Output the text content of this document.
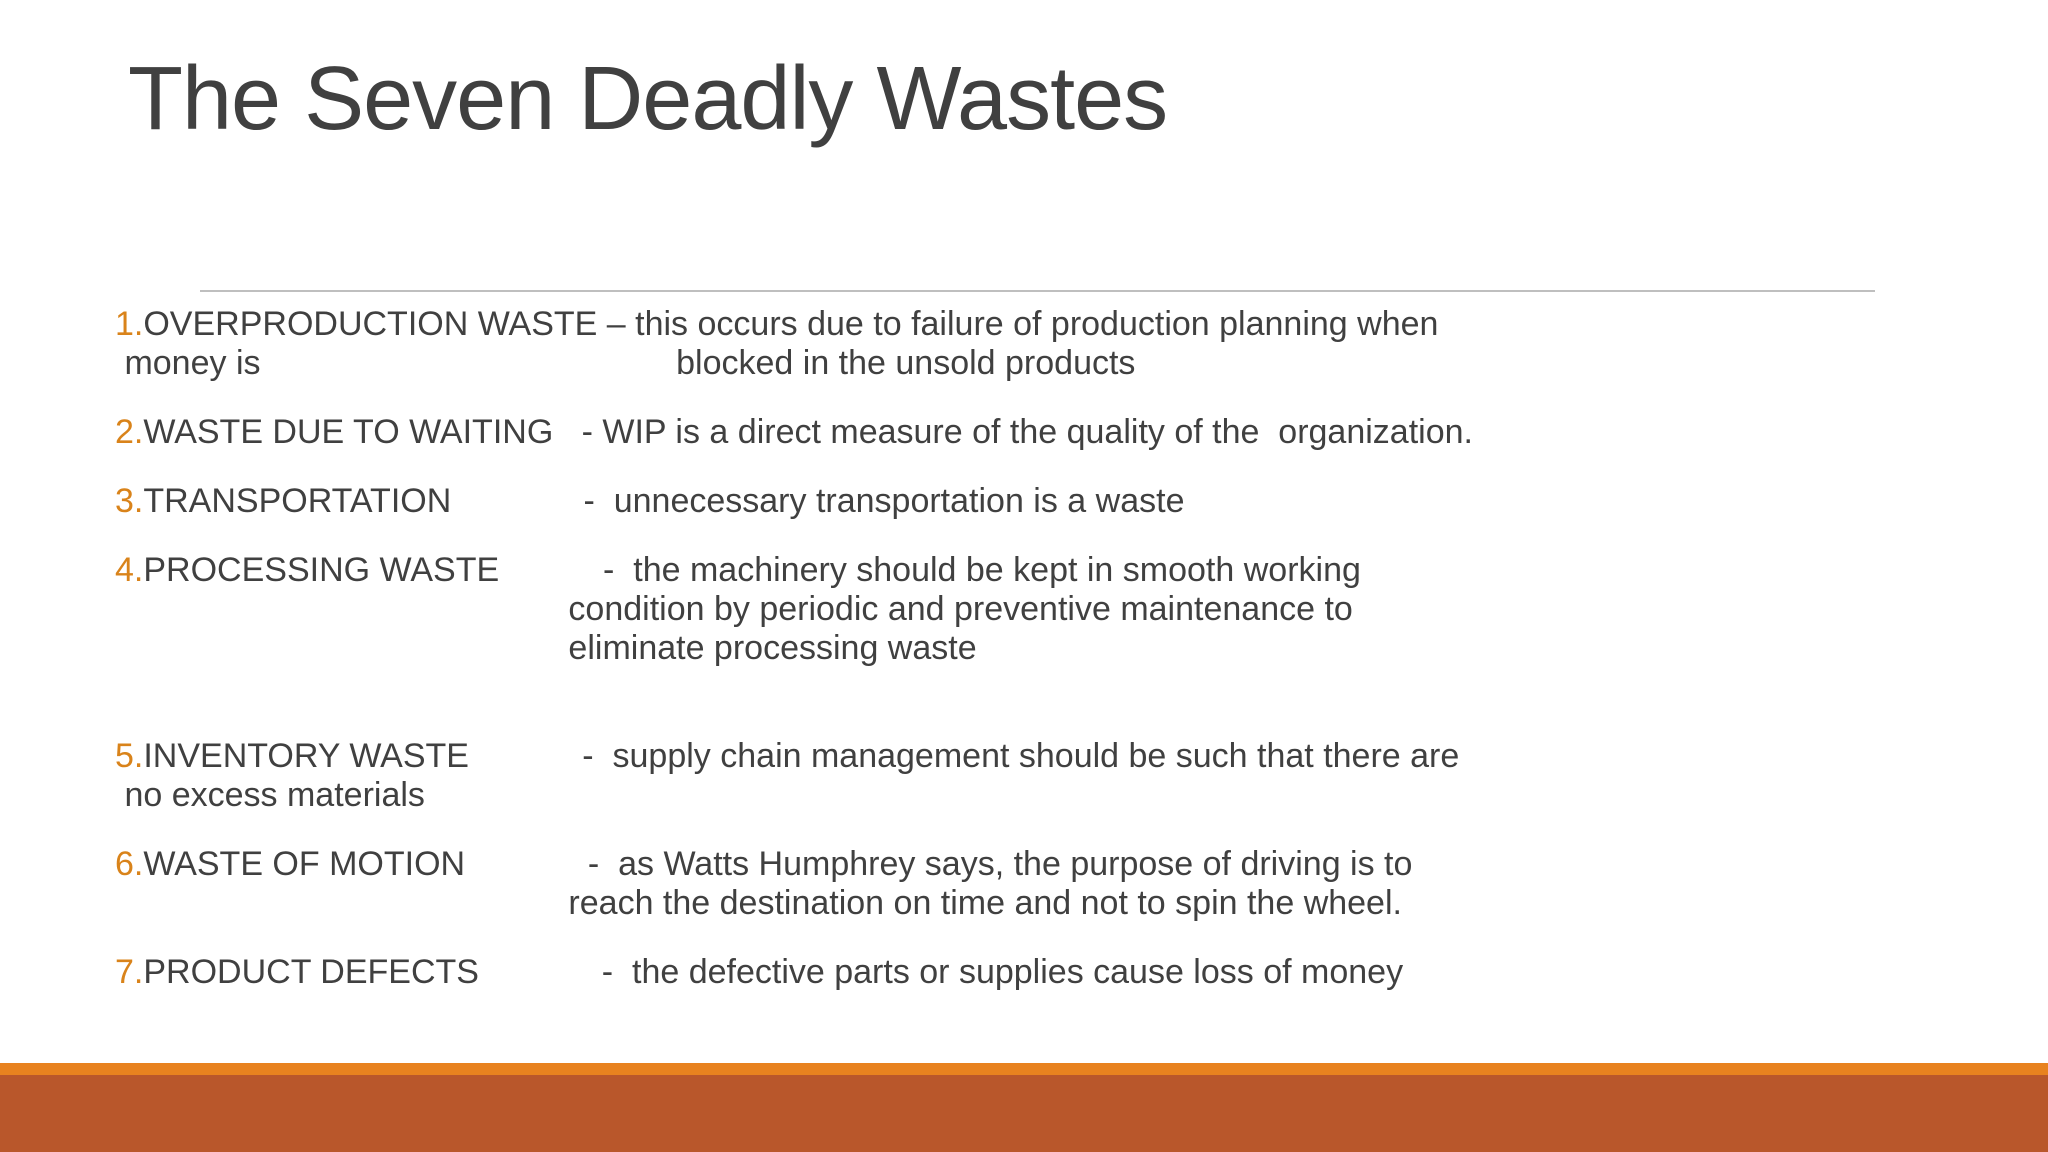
The Seven Deadly Wastes
1.OVERPRODUCTION WASTE – this occurs due to failure of production planning when
money is                                            blocked in the unsold products
2.WASTE DUE TO WAITING   - WIP is a direct measure of the quality of the  organization.
3.TRANSPORTATION              -  unnecessary transportation is a waste
4.PROCESSING WASTE           -  the machinery should be kept in smooth working
condition by periodic and preventive maintenance to
eliminate processing waste
5.INVENTORY WASTE            -  supply chain management should be such that there are
no excess materials
6.WASTE OF MOTION             -  as Watts Humphrey says, the purpose of driving is to
reach the destination on time and not to spin the wheel.
7.PRODUCT DEFECTS             -  the defective parts or supplies cause loss of money
